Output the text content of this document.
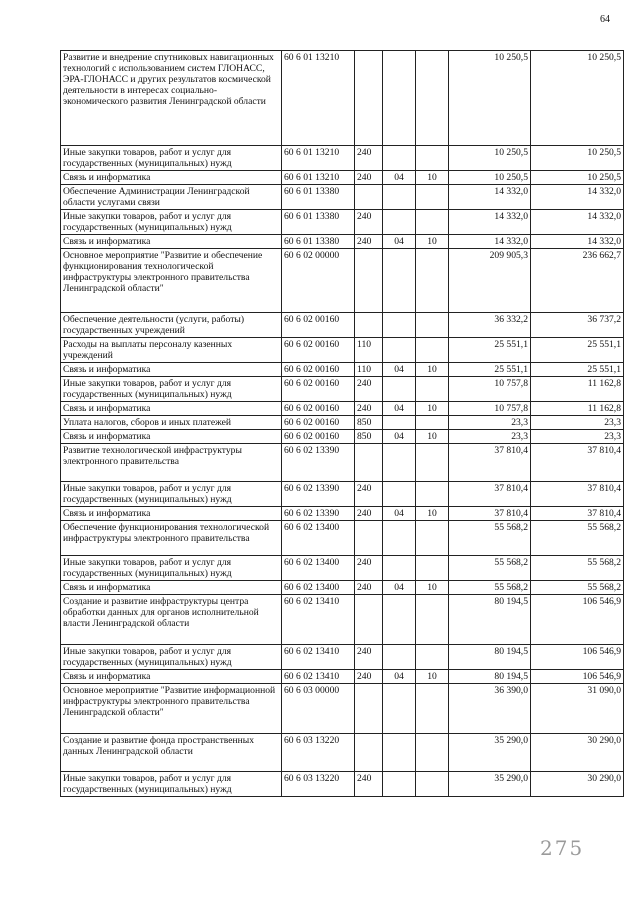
64
Развитие и внедрение спутниковых навигационных технологий с использованием систем ГЛОНАСС, ЭРА-ГЛОНАСС и других результатов космической деятельности в интересах социально-экономического развития Ленинградской области	60 6 01 13210				10 250,5	10 250,5
Иные закупки товаров, работ и услуг для государственных (муниципальных) нужд	60 6 01 13210	240			10 250,5	10 250,5
Связь и информатика	60 6 01 13210	240	04	10	10 250,5	10 250,5
Обеспечение Администрации Ленинградской области услугами связи	60 6 01 13380				14 332,0	14 332,0
Иные закупки товаров, работ и услуг для государственных (муниципальных) нужд	60 6 01 13380	240			14 332,0	14 332,0
Связь и информатика	60 6 01 13380	240	04	10	14 332,0	14 332,0
Основное мероприятие "Развитие и обеспечение функционирования технологической инфраструктуры электронного правительства Ленинградской области"	60 6 02 00000				209 905,3	236 662,7
Обеспечение деятельности (услуги, работы) государственных учреждений	60 6 02 00160				36 332,2	36 737,2
Расходы на выплаты персоналу казенных учреждений	60 6 02 00160	110			25 551,1	25 551,1
Связь и информатика	60 6 02 00160	110	04	10	25 551,1	25 551,1
Иные закупки товаров, работ и услуг для государственных (муниципальных) нужд	60 6 02 00160	240			10 757,8	11 162,8
Связь и информатика	60 6 02 00160	240	04	10	10 757,8	11 162,8
Уплата налогов, сборов и иных платежей	60 6 02 00160	850			23,3	23,3
Связь и информатика	60 6 02 00160	850	04	10	23,3	23,3
Развитие технологической инфраструктуры электронного правительства	60 6 02 13390				37 810,4	37 810,4
Иные закупки товаров, работ и услуг для государственных (муниципальных) нужд	60 6 02 13390	240			37 810,4	37 810,4
Связь и информатика	60 6 02 13390	240	04	10	37 810,4	37 810,4
Обеспечение функционирования технологической инфраструктуры электронного правительства	60 6 02 13400				55 568,2	55 568,2
Иные закупки товаров, работ и услуг для государственных (муниципальных) нужд	60 6 02 13400	240			55 568,2	55 568,2
Связь и информатика	60 6 02 13400	240	04	10	55 568,2	55 568,2
Создание и развитие инфраструктуры центра обработки данных для органов исполнительной власти Ленинградской области	60 6 02 13410				80 194,5	106 546,9
Иные закупки товаров, работ и услуг для государственных (муниципальных) нужд	60 6 02 13410	240			80 194,5	106 546,9
Связь и информатика	60 6 02 13410	240	04	10	80 194,5	106 546,9
Основное мероприятие "Развитие информационной инфраструктуры электронного правительства Ленинградской области"	60 6 03 00000				36 390,0	31 090,0
Создание и развитие фонда пространственных данных Ленинградской области	60 6 03 13220				35 290,0	30 290,0
Иные закупки товаров, работ и услуг для государственных (муниципальных) нужд	60 6 03 13220	240			35 290,0	30 290,0
275
